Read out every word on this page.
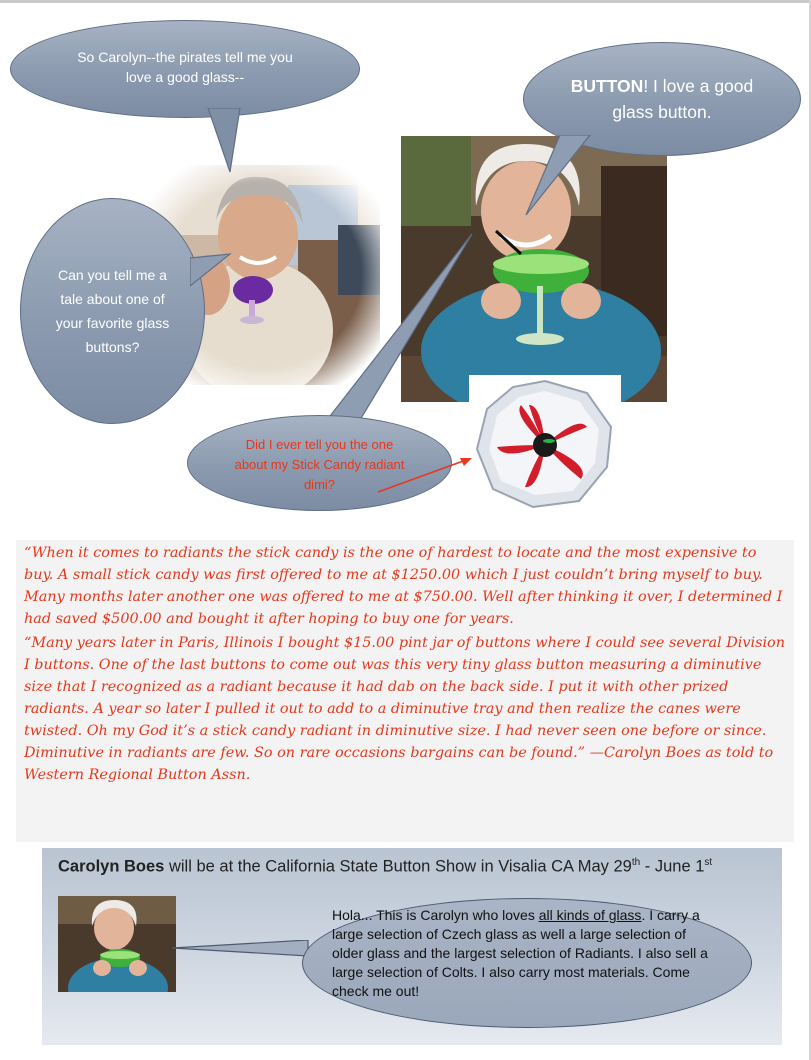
So Carolyn--the pirates tell me you love a good glass--	BUTTON! I love a good glass button.
Can you tell me a tale about one of your favorite glass buttons?
Did I ever tell you the one about my Stick Candy radiant dimi?

“When it comes to radiants the stick candy is the one of hardest to locate and the most expensive to buy. A small stick candy was first offered to me at $1250.00 which I just couldn’t bring myself to buy. Many months later another one was offered to me at $750.00. Well after thinking it over, I determined I had saved $500.00 and bought it after hoping to buy one for years.

“Many years later in Paris, Illinois I bought $15.00 pint jar of buttons where I could see several Division I buttons. One of the last buttons to come out was this very tiny glass button measuring a diminutive size that I recognized as a radiant because it had dab on the back side. I put it with other prized radiants. A year so later I pulled it out to add to a diminutive tray and then realize the canes were twisted. Oh my God it’s a stick candy radiant in diminutive size. I had never seen one before or since. Diminutive in radiants are few. So on rare occasions bargains can be found.” —Carolyn Boes as told to Western Regional Button Assn.

Carolyn Boes will be at the California State Button Show in Visalia CA May 29th - June 1st
Hola... This is Carolyn who loves all kinds of glass. I carry a large selection of Czech glass as well a large selection of older glass and the largest selection of Radiants. I also sell a large selection of Colts. I also carry most materials. Come check me out!
